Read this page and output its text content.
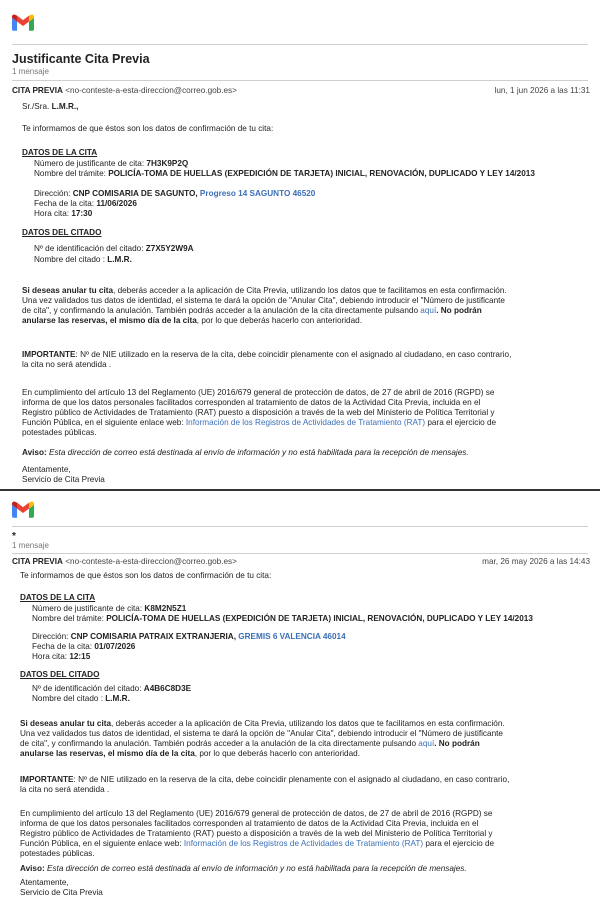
Justificante Cita Previa
1 mensaje
CITA PREVIA <no-conteste-a-esta-direccion@correo.gob.es>	lun, 1 jun 2026 a las 11:31
Sr./Sra. L.M.R.,
Te informamos de que éstos son los datos de confirmación de tu cita:
DATOS DE LA CITA
Número de justificante de cita: 7H3K9P2Q
Nombre del trámite: POLICÍA-TOMA DE HUELLAS (EXPEDICIÓN DE TARJETA) INICIAL, RENOVACIÓN, DUPLICADO Y LEY 14/2013
Dirección: CNP COMISARIA DE SAGUNTO, Progreso 14 SAGUNTO 46520
Fecha de la cita: 11/06/2026
Hora cita: 17:30
DATOS DEL CITADO
Nº de identificación del citado: Z7X5Y2W9A
Nombre del citado : L.M.R.
Si deseas anular tu cita, deberás acceder a la aplicación de Cita Previa, utilizando los datos que te facilitamos en esta confirmación.
Una vez validados tus datos de identidad, el sistema te dará la opción de "Anular Cita", debiendo introducir el "Número de justificante
de cita", y confirmando la anulación. También podrás acceder a la anulación de la cita directamente pulsando aquí. No podrán
anularse las reservas, el mismo día de la cita, por lo que deberás hacerlo con anterioridad.
IMPORTANTE: Nº de NIE utilizado en la reserva de la cita, debe coincidir plenamente con el asignado al ciudadano, en caso contrario,
la cita no será atendida .
En cumplimiento del artículo 13 del Reglamento (UE) 2016/679 general de protección de datos, de 27 de abril de 2016 (RGPD) se
informa de que los datos personales facilitados corresponden al tratamiento de datos de la Actividad Cita Previa, incluida en el
Registro público de Actividades de Tratamiento (RAT) puesto a disposición a través de la web del Ministerio de Política Territorial y
Función Pública, en el siguiente enlace web: Información de los Registros de Actividades de Tratamiento (RAT) para el ejercicio de
potestades públicas.
Aviso: Esta dirección de correo está destinada al envío de información y no está habilitada para la recepción de mensajes.
Atentamente,
Servicio de Cita Previa
*
1 mensaje
CITA PREVIA <no-conteste-a-esta-direccion@correo.gob.es>	mar, 26 may 2026 a las 14:43
Te informamos de que éstos son los datos de confirmación de tu cita:
DATOS DE LA CITA
Número de justificante de cita: K8M2N5Z1
Nombre del trámite: POLICÍA-TOMA DE HUELLAS (EXPEDICIÓN DE TARJETA) INICIAL, RENOVACIÓN, DUPLICADO Y LEY 14/2013
Dirección: CNP COMISARIA PATRAIX EXTRANJERIA, GREMIS 6 VALENCIA 46014
Fecha de la cita: 01/07/2026
Hora cita: 12:15
DATOS DEL CITADO
Nº de identificación del citado: A4B6C8D3E
Nombre del citado : L.M.R.
Si deseas anular tu cita, deberás acceder a la aplicación de Cita Previa, utilizando los datos que te facilitamos en esta confirmación.
Una vez validados tus datos de identidad, el sistema te dará la opción de "Anular Cita", debiendo introducir el "Número de justificante
de cita", y confirmando la anulación. También podrás acceder a la anulación de la cita directamente pulsando aquí. No podrán
anularse las reservas, el mismo día de la cita, por lo que deberás hacerlo con anterioridad.
IMPORTANTE: Nº de NIE utilizado en la reserva de la cita, debe coincidir plenamente con el asignado al ciudadano, en caso contrario,
la cita no será atendida .
En cumplimiento del artículo 13 del Reglamento (UE) 2016/679 general de protección de datos, de 27 de abril de 2016 (RGPD) se
informa de que los datos personales facilitados corresponden al tratamiento de datos de la Actividad Cita Previa, incluida en el
Registro público de Actividades de Tratamiento (RAT) puesto a disposición a través de la web del Ministerio de Política Territorial y
Función Pública, en el siguiente enlace web: Información de los Registros de Actividades de Tratamiento (RAT) para el ejercicio de
potestades públicas.
Aviso: Esta dirección de correo está destinada al envío de información y no está habilitada para la recepción de mensajes.
Atentamente,
Servicio de Cita Previa
